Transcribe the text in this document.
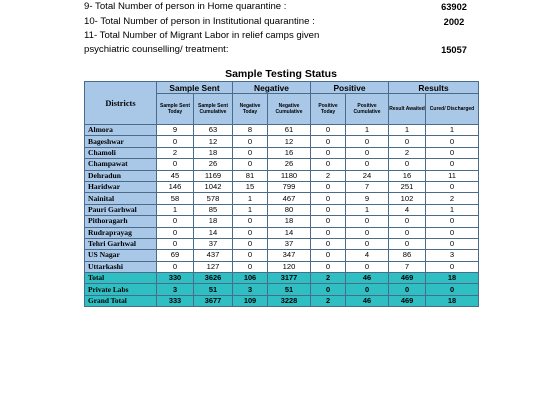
9- Total Number of person in Home quarantine :	63902
10- Total Number of person in Institutional quarantine :	2002
11- Total Number of Migrant Labor in relief camps given
psychiatric counselling/ treatment:	15057
Sample Testing Status
Districts	Sample Sent		Negative		Positive		Results	
	Sample Sent Today	Sample Sent Cumulative	Negative Today	Negative Cumulative	Positive Today	Positive Cumulative	Result Awaited	Cured/ Discharged
Almora	9	63	8	61	0	1	1	1
Bageshwar	0	12	0	12	0	0	0	0
Chamoli	2	18	0	16	0	0	2	0
Champawat	0	26	0	26	0	0	0	0
Dehradun	45	1169	81	1180	2	24	16	11
Haridwar	146	1042	15	799	0	7	251	0
Nainital	58	578	1	467	0	9	102	2
Pauri Garhwal	1	85	1	80	0	1	4	1
Pithoragarh	0	18	0	18	0	0	0	0
Rudraprayag	0	14	0	14	0	0	0	0
Tehri Garhwal	0	37	0	37	0	0	0	0
US Nagar	69	437	0	347	0	4	86	3
Uttarkashi	0	127	0	120	0	0	7	0
Total	330	3626	106	3177	2	46	469	18
Private Labs	3	51	3	51	0	0	0	0
Grand Total	333	3677	109	3228	2	46	469	18
